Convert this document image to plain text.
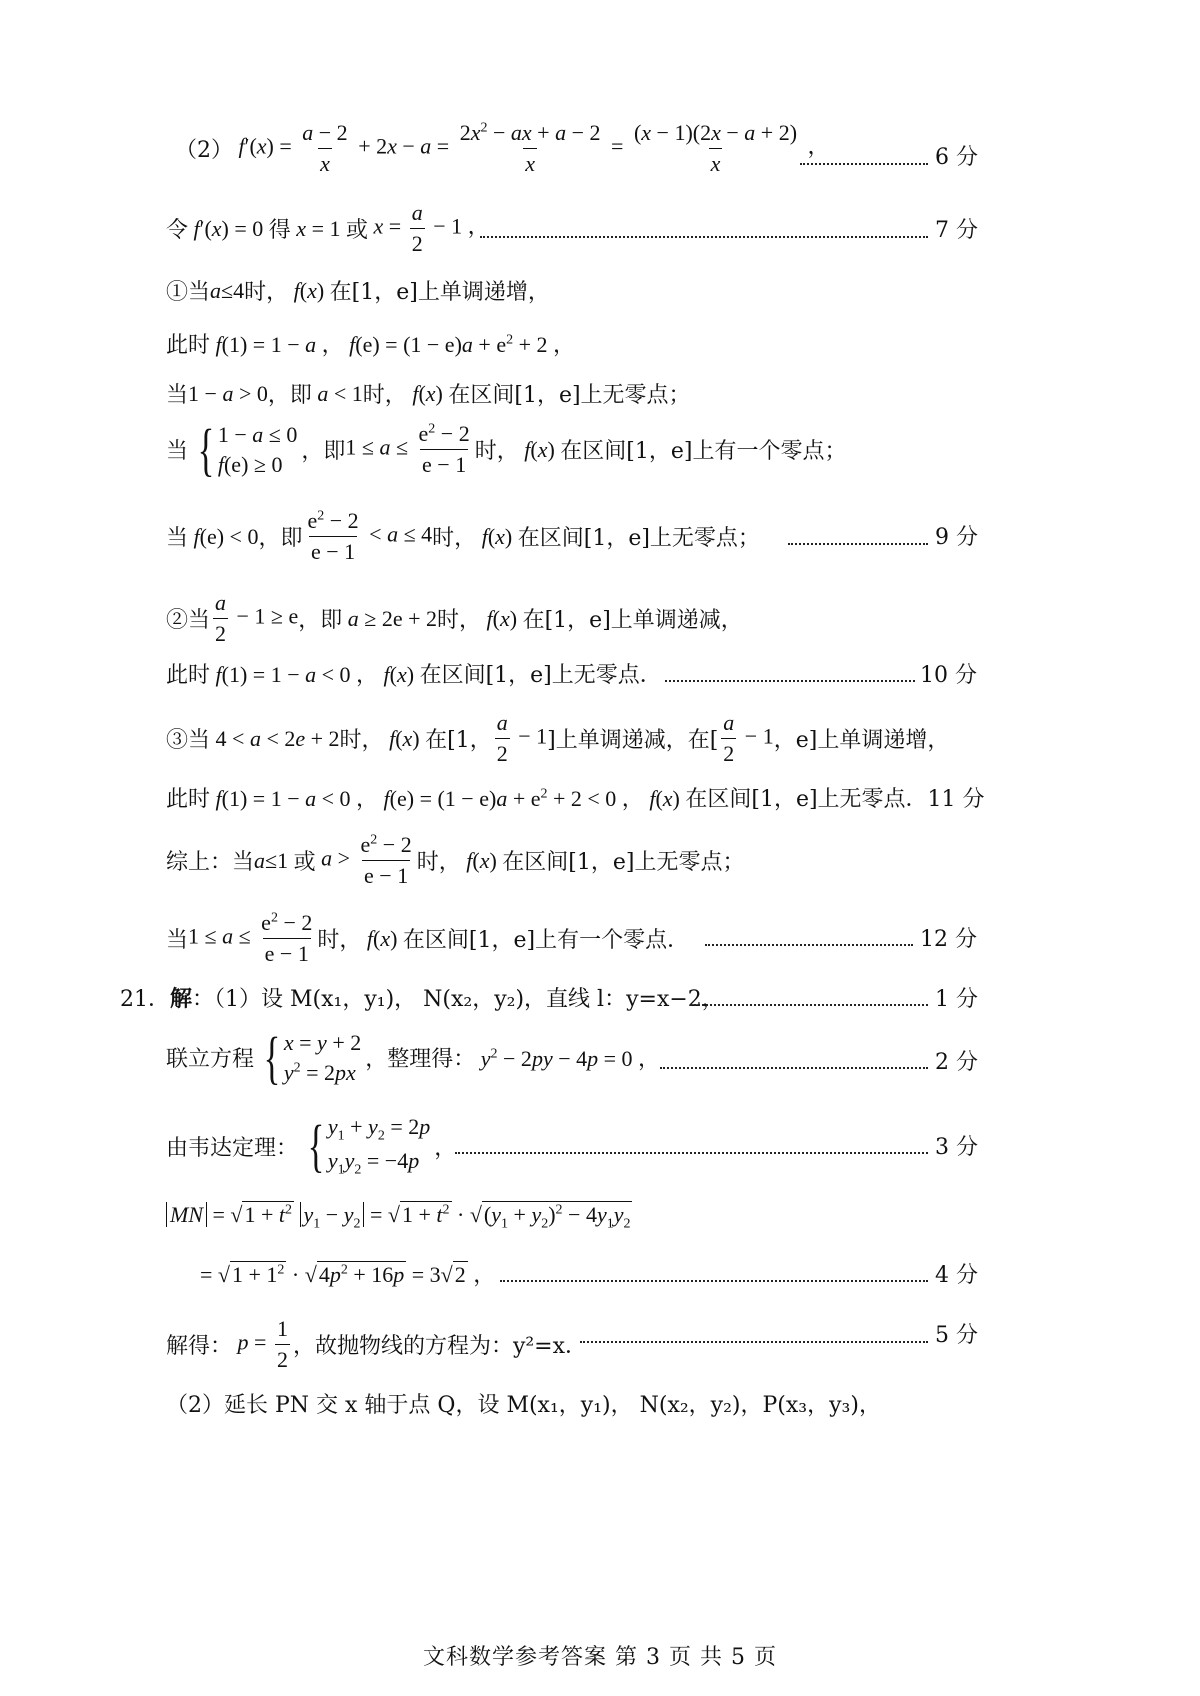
（2） $f'(x) = \frac{a - 2}{x} + 2x - a = \frac{2x^2 - ax + a - 2}{x} = \frac{(x - 1)(2x - a + 2)}{x}$ ，	6 分
令 f′(x) = 0 得 x = 1 或 $x = \frac{a}{2} - 1$ ，	7 分
①当 a≤4 时， f(x) 在[1，e]上单调递增，
此时 f(1) = 1 − a ， $f(e) = (1 - e)a + e^2 + 2$ ，
当 1 − a > 0 ，即 a < 1 时， f(x) 在区间[1，e]上无零点；
当 { 1 − a ≤ 0
f(e) ≥ 0 ，即 $1 \le a \le \frac{e^2 - 2}{e - 1}$ 时， f(x) 在区间[1，e]上有一个零点；
当 f(e) < 0 ，即 $\frac{e^2 - 2}{e - 1} < a \le 4$ 时， f(x) 在区间[1，e]上无零点；	9 分
②当 $\frac{a}{2} - 1 \ge e$ ，即 a ≥ 2e + 2 时， f(x) 在[1，e]上单调递减，
此时 f(1) = 1 − a < 0 ， f(x) 在区间[1，e]上无零点．	10 分
③当 4 < a < 2e + 2 时， f(x) 在[1， $\frac{a}{2} - 1$ ]上单调递减，在[ $\frac{a}{2} - 1$ ，e]上单调递增，
此时 f(1) = 1 − a < 0 ， $f(e) = (1 - e)a + e^2 + 2 < 0$ ， f(x) 在区间[1，e]上无零点．11 分
综上：当 a≤1 或 $a > \frac{e^2 - 2}{e - 1}$ 时， f(x) 在区间[1，e]上无零点；
当 $1 \le a \le \frac{e^2 - 2}{e - 1}$ 时， f(x) 在区间[1，e]上有一个零点．	12 分
21． 解 ：（1）设 M(x₁，y₁)， N(x₂，y₂)，直线 l：y=x−2，	1 分
联立方程 { x = y + 2
$y^2 = 2px$ ，整理得： $y^2 - 2py - 4p = 0$ ，	2 分
由韦达定理： { $y_1 + y_2 = 2p$
$y_1y_2 = -4p$
，	3 分
MN = $√1 + t^2$ $y_1 - y_2 = √1 + t^2 \cdot √(y_1 + y_2)^2 - 4y_1y_2$
= $√1 + 1^2 \cdot √4p^2 + 16p = 3√2$ ，	4 分
解得： $p = \frac{1}{2}$ ，故抛物线的方程为：y²=x．	5 分
（2）延长 PN 交 x 轴于点 Q，设 M(x₁，y₁)， N(x₂，y₂)，P(x₃，y₃)，
文科数学参考答案 第 3 页 共 5 页
